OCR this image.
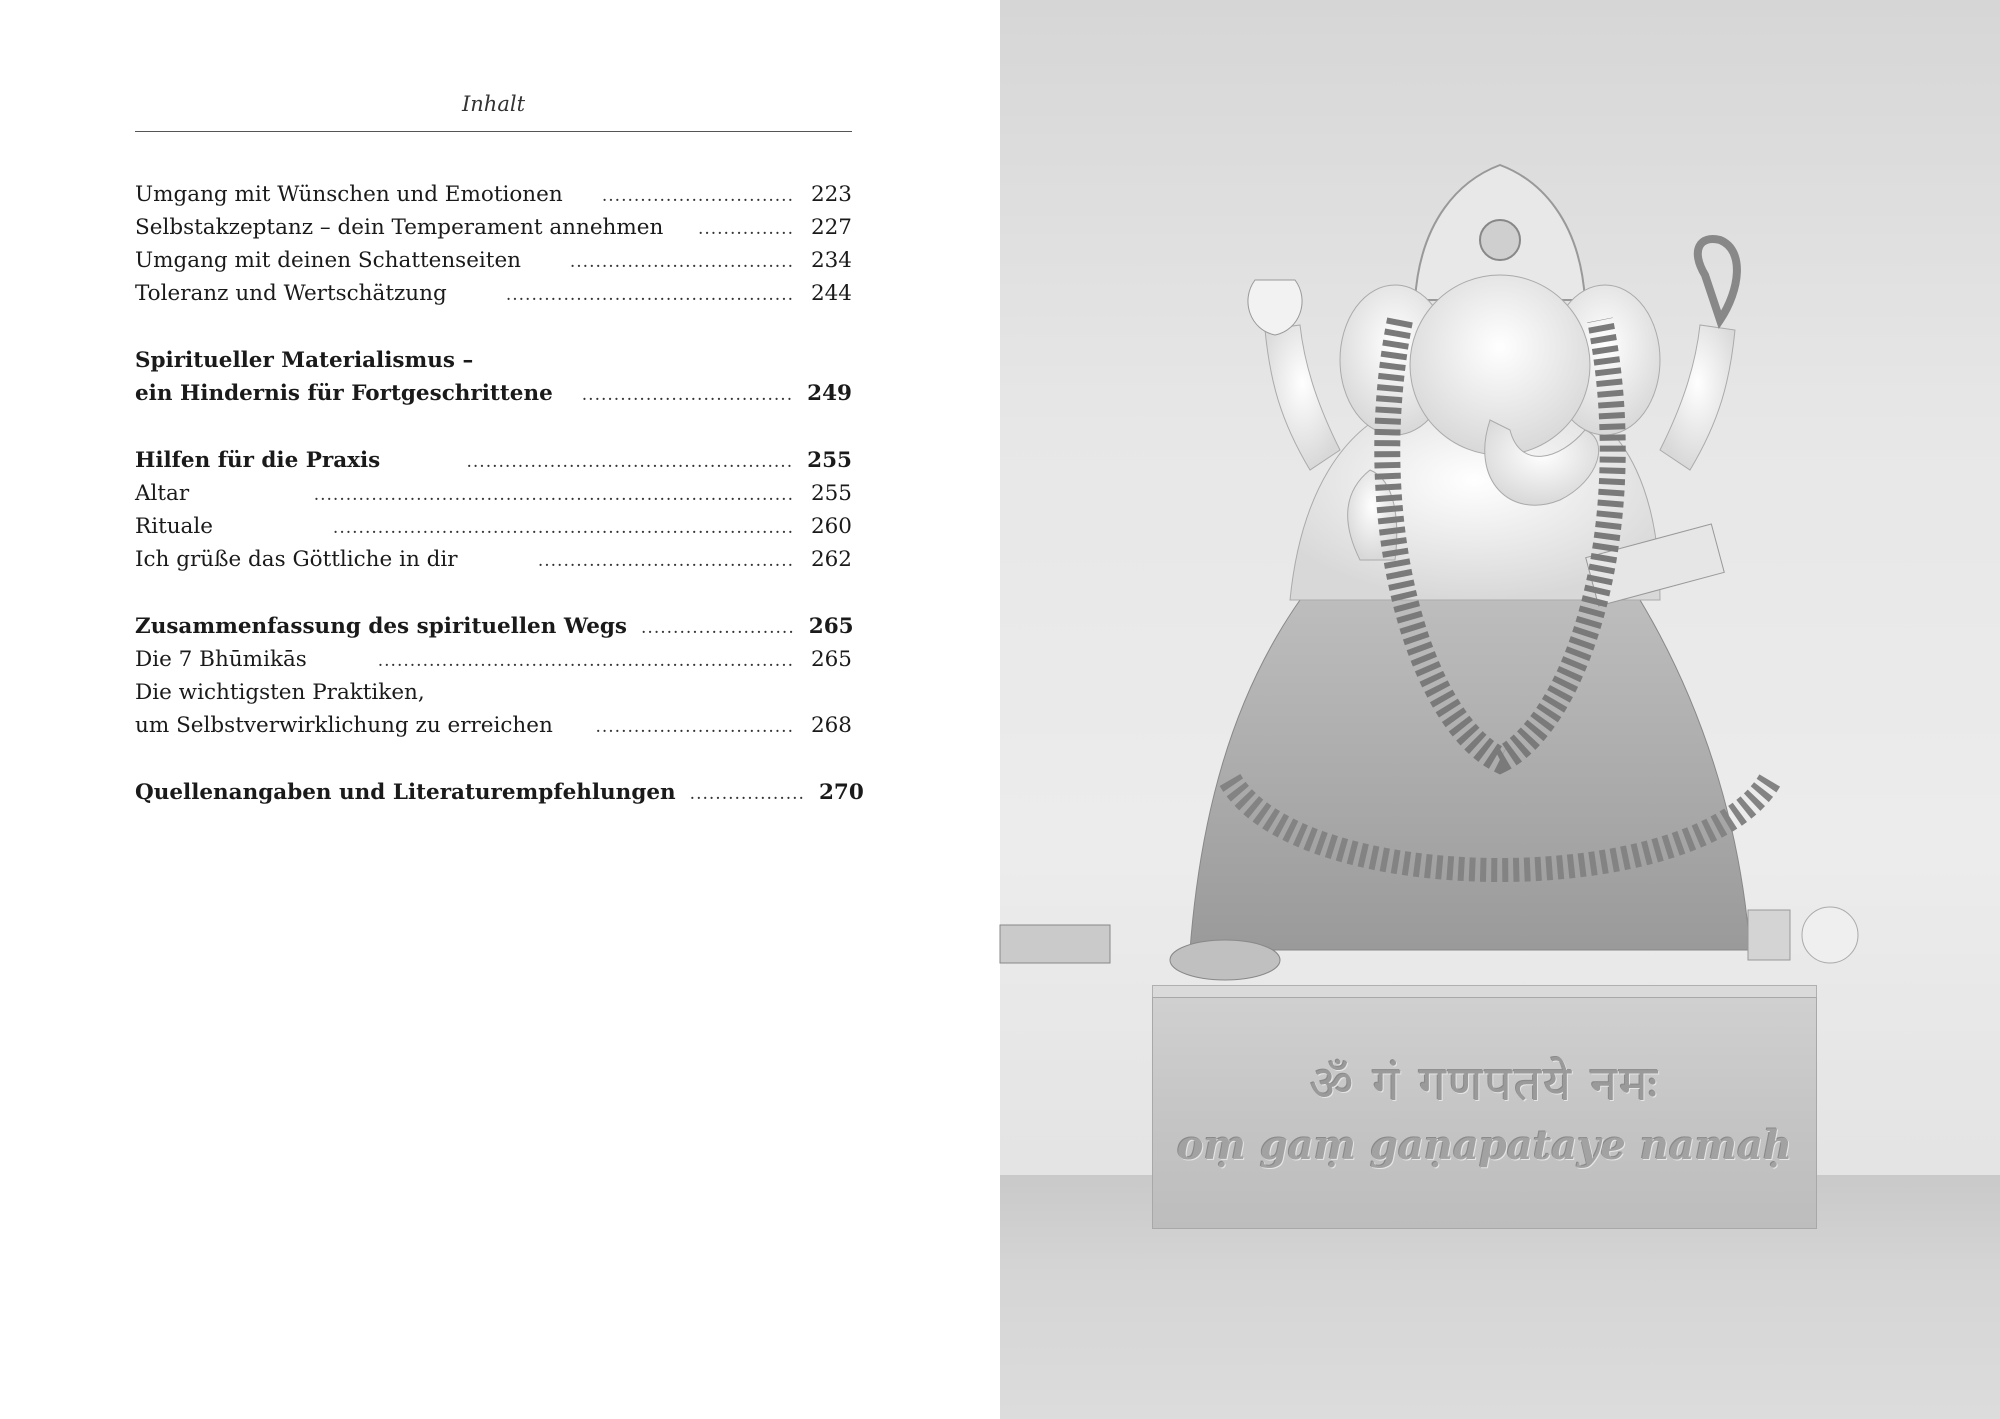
Inhalt
Umgang mit Wünschen und Emotionen	.............................. 223
Selbstakzeptanz – dein Temperament annehmen	............... 227
Umgang mit deinen Schattenseiten	................................... 234
Toleranz und Wertschätzung	............................................. 244
Spiritueller Materialismus –
ein Hindernis für Fortgeschrittene	................................. 249
Hilfen für die Praxis	................................................... 255
Altar	........................................................................... 255
Rituale	........................................................................ 260
Ich grüße das Göttliche in dir	........................................ 262
Zusammenfassung des spirituellen Wegs ........................ 265
Die 7 Bhūmikās	................................................................. 265
Die wichtigsten Praktiken,
um Selbstverwirklichung zu erreichen	............................... 268
Quellenangaben und Literaturempfehlungen .................. 270
ॐ गं गणपतये नमः
oṃ gaṃ gaṇapataye namaḥ
